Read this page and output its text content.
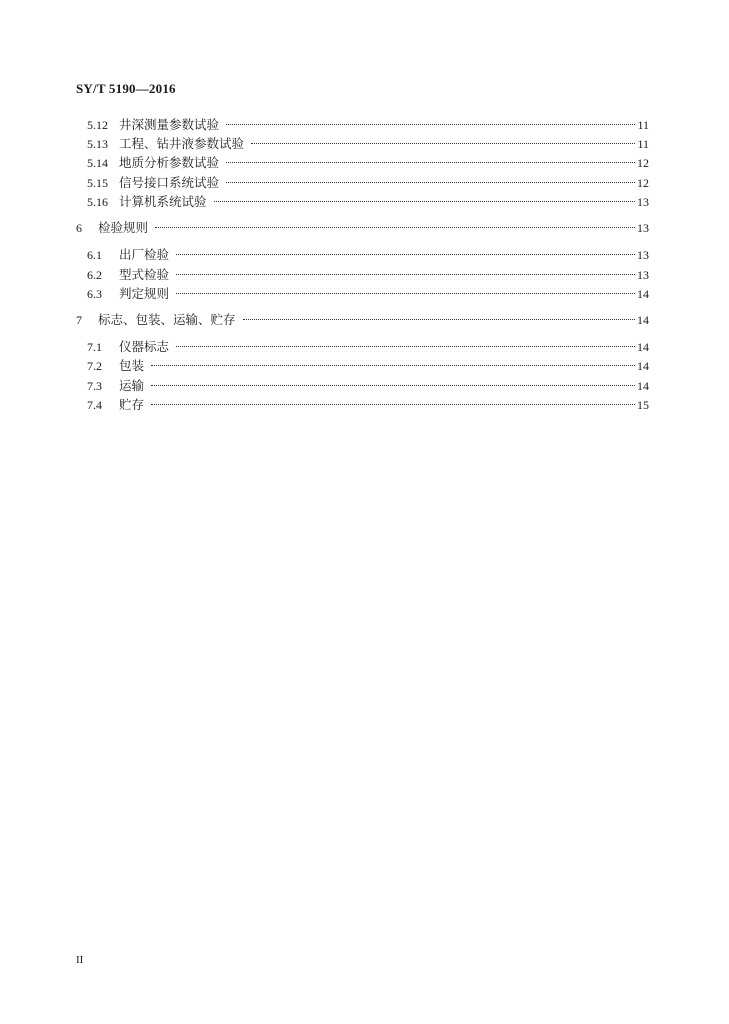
SY/T 5190—2016
5.12 井深测量参数试验	11
5.13 工程、钻井液参数试验	11
5.14 地质分析参数试验	12
5.15 信号接口系统试验	12
5.16 计算机系统试验	13
6	检验规则	13
6.1	出厂检验	13
6.2	型式检验	13
6.3	判定规则	14
7	标志、包装、运输、贮存	14
7.1	仪器标志	14
7.2	包装	14
7.3	运输	14
7.4	贮存	15
II
